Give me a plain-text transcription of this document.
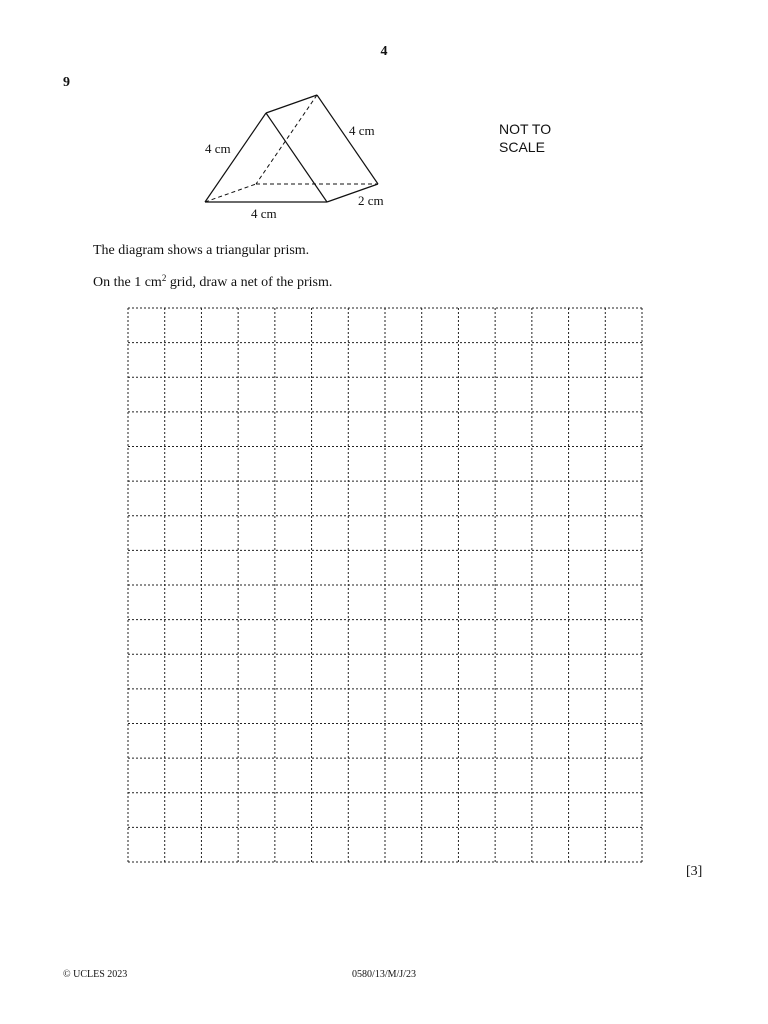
4
9
4 cm
4 cm
4 cm
2 cm
NOT TO
SCALE
The diagram shows a triangular prism.
On the 1 $cm^2$ grid, draw a net of the prism.
[3]
© UCLES 2023	0580/13/M/J/23
